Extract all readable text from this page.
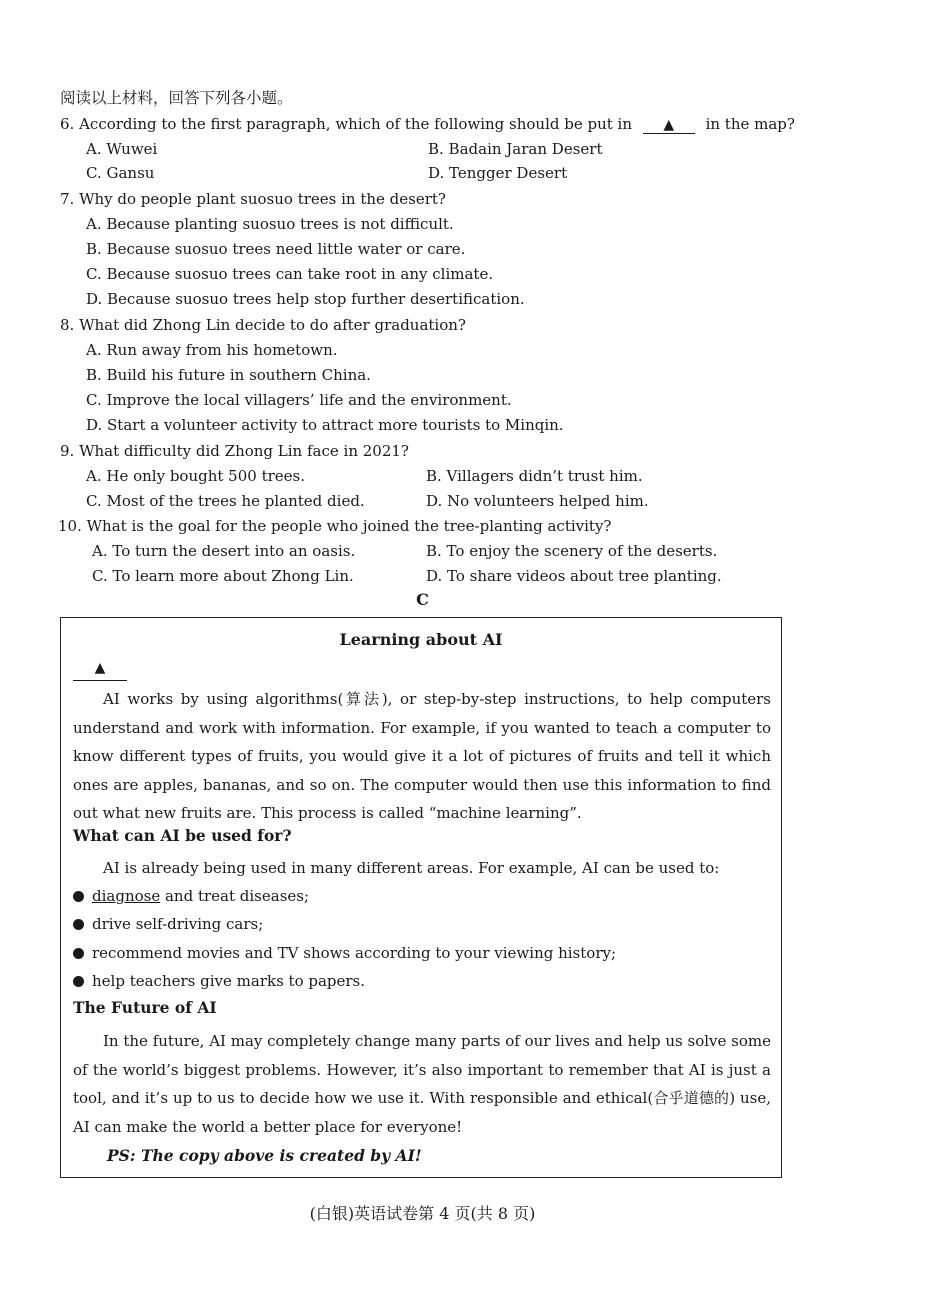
阅读以上材料，回答下列各小题。
6. According to the first paragraph, which of the following should be put in ▲ in the map?
A. Wuwei	B. Badain Jaran Desert
C. Gansu	D. Tengger Desert
7. Why do people plant suosuo trees in the desert?
A. Because planting suosuo trees is not difficult.
B. Because suosuo trees need little water or care.
C. Because suosuo trees can take root in any climate.
D. Because suosuo trees help stop further desertification.
8. What did Zhong Lin decide to do after graduation?
A. Run away from his hometown.
B. Build his future in southern China.
C. Improve the local villagers’ life and the environment.
D. Start a volunteer activity to attract more tourists to Minqin.
9. What difficulty did Zhong Lin face in 2021?
A. He only bought 500 trees.	B. Villagers didn’t trust him.
C. Most of the trees he planted died.	D. No volunteers helped him.
10. What is the goal for the people who joined the tree-planting activity?
A. To turn the desert into an oasis.	B. To enjoy the scenery of the deserts.
C. To learn more about Zhong Lin.	D. To share videos about tree planting.
C
Learning about AI
▲

AI works by using algorithms(算法), or step-by-step instructions, to help computers understand and work with information. For example, if you wanted to teach a computer to know different types of fruits, you would give it a lot of pictures of fruits and tell it which ones are apples, bananas, and so on. The computer would then use this information to find out what new fruits are. This process is called “machine learning”.

What can AI be used for?

AI is already being used in many different areas. For example, AI can be used to:

diagnose and treat diseases;
drive self-driving cars;
recommend movies and TV shows according to your viewing history;
help teachers give marks to papers.
The Future of AI

In the future, AI may completely change many parts of our lives and help us solve some of the world’s biggest problems. However, it’s also important to remember that AI is just a tool, and it’s up to us to decide how we use it. With responsible and ethical(合乎道德的) use, AI can make the world a better place for everyone!

PS: The copy above is created by AI!
(白银)英语试卷第 4 页(共 8 页)
